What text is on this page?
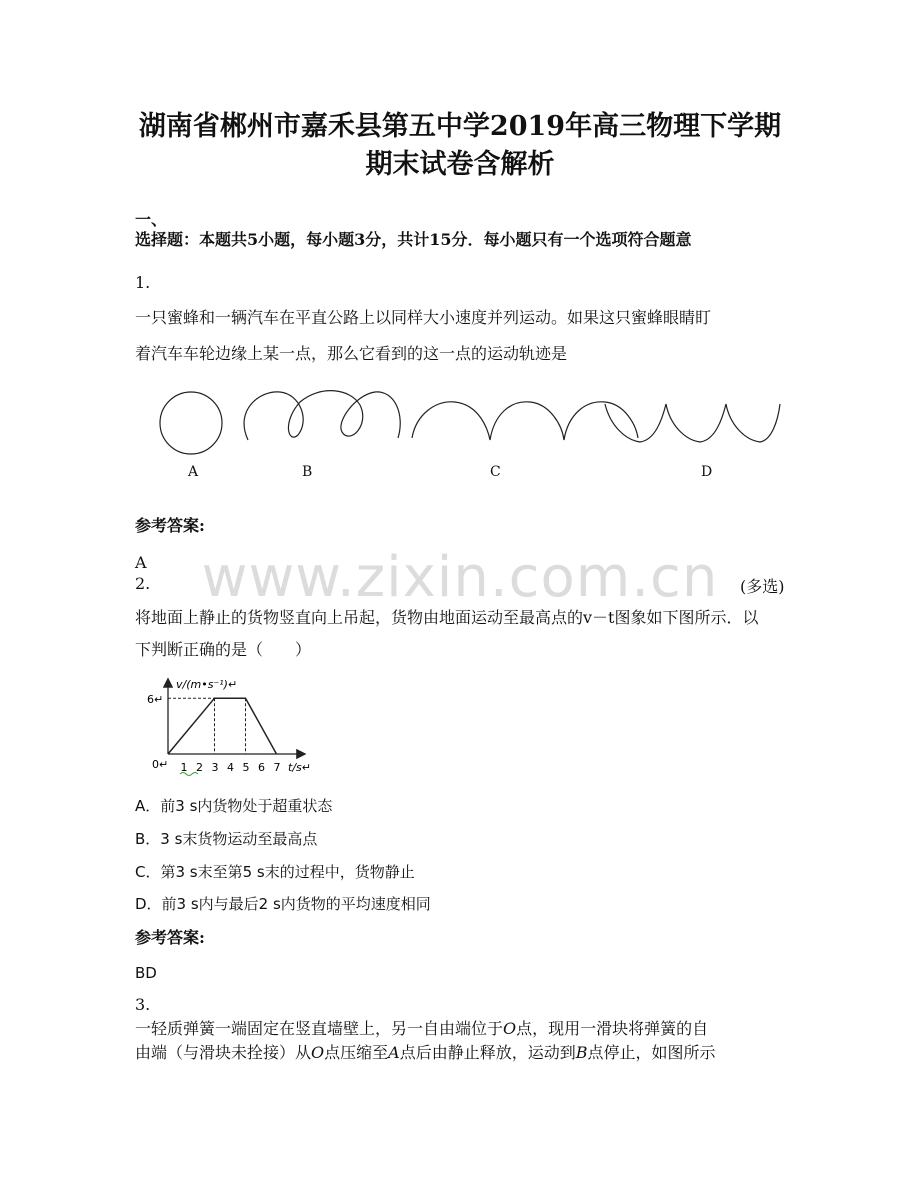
www.zixin.com.cn
湖南省郴州市嘉禾县第五中学2019年高三物理下学期
期末试卷含解析
一、
选择题：本题共5小题，每小题3分，共计15分．每小题只有一个选项符合题意
1.
一只蜜蜂和一辆汽车在平直公路上以同样大小速度并列运动。如果这只蜜蜂眼睛盯
着汽车车轮边缘上某一点，那么它看到的这一点的运动轨迹是
A	B	C	D
参考答案:
A
2.	(多选)
将地面上静止的货物竖直向上吊起，货物由地面运动至最高点的v－t图象如下图所示．以
下判断正确的是（　　）
v/(m•s⁻¹)↵
6↵
0↵ 1 2 3 4 5 6 7 t/s↵
A．前3 s内货物处于超重状态
B．3 s末货物运动至最高点
C．第3 s末至第5 s末的过程中，货物静止
D．前3 s内与最后2 s内货物的平均速度相同
参考答案:
BD
3.
一轻质弹簧一端固定在竖直墙壁上，另一自由端位于O点，现用一滑块将弹簧的自
由端（与滑块未拴接）从O点压缩至A点后由静止释放，运动到B点停止，如图所示
